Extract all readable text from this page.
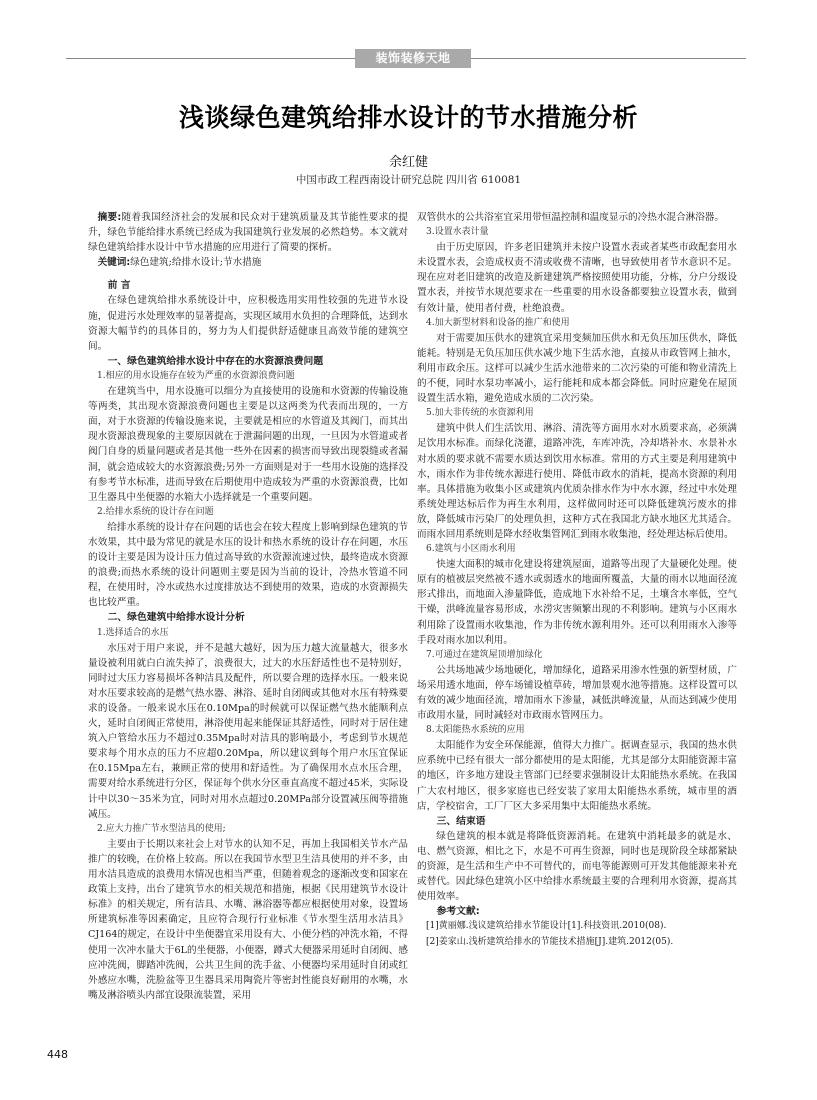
装饰装修天地
浅谈绿色建筑给排水设计的节水措施分析
余红健
中国市政工程西南设计研究总院 四川省 610081
摘要:随着我国经济社会的发展和民众对于建筑质量及其节能性要求的提升，绿色节能给排水系统已经成为我国建筑行业发展的必然趋势。本文就对绿色建筑给排水设计中节水措施的应用进行了简要的探析。
关键词:绿色建筑;给排水设计;节水措施
前 言
在绿色建筑给排水系统设计中，应积极选用实用性较强的先进节水设施，促进污水处理效率的显著提高，实现区域用水负担的合理降低，达到水资源大幅节约的具体目的，努力为人们提供舒适健康且高效节能的建筑空间。
一、绿色建筑给排水设计中存在的水资源浪费问题
1.相应的用水设施存在较为严重的水资源浪费问题
在建筑当中，用水设施可以细分为直接使用的设施和水资源的传输设施等两类，其出现水资源浪费问题也主要是以这两类为代表而出现的，一方面，对于水资源的传输设施来说，主要就是相应的水管道及其阀门，而其出现水资源浪费现象的主要原因就在于泄漏问题的出现，一旦因为水管道或者阀门自身的质量问题或者是其他一些外在因素的损害而导致出现裂缝或者漏洞，就会造成较大的水资源浪费;另外一方面则是对于一些用水设施的选择没有参考节水标准，进而导致在后期使用中造成较为严重的水资源浪费，比如卫生器具中坐便器的水箱大小选择就是一个重要问题。
2.给排水系统的设计存在问题
给排水系统的设计存在问题的话也会在较大程度上影响到绿色建筑的节水效果，其中最为常见的就是水压的设计和热水系统的设计存在问题，水压的设计主要是因为设计压力值过高导致的水资源流速过快，最终造成水资源的浪费;而热水系统的设计问题则主要是因为当前的设计，冷热水管道不同程，在使用时，冷水或热水过度排放达不到使用的效果，造成的水资源损失也比较严重。
二、绿色建筑中给排水设计分析
1.选择适合的水压
水压对于用户来说，并不是越大越好，因为压力越大流量越大，很多水量设被利用就白白流失掉了，浪费很大，过大的水压舒适性也不是特别好，同时过大压力容易损坏各种洁具及配件，所以要合理的选择水压。一般来说对水压要求较高的是燃气热水器、淋浴、延时自闭阀或其他对水压有特殊要求的设备。一般来说水压在0.10Mpa的时候就可以保证燃气热水能顺利点火，延时自闭阀正常使用，淋浴使用起来能保证其舒适性，同时对于居住建筑入户管给水压力不超过0.35Mpa时对洁具的影响最小，考虑到节水规范要求每个用水点的压力不应超0.20Mpa，所以建议到每个用户水压宜保证在0.15Mpa左右，兼顾正常的使用和舒适性。为了确保用水点水压合理，需要对给水系统进行分区，保证每个供水分区垂直高度不超过45米，实际设计中以30～35米为宜，同时对用水点超过0.20MPa部分设置减压阀等措施减压。
2.应大力推广节水型洁具的使用;
主要由于长期以来社会上对节水的认知不足，再加上我国相关节水产品推广的较晚，在价格上较高。所以在我国节水型卫生洁具使用的并不多，由用水洁具造成的浪费用水情况也相当严重，但随着观念的逐渐改变和国家在政策上支持，出台了建筑节水的相关规范和措施，根据《民用建筑节水设计标准》的相关规定，所有洁具、水嘴、淋浴器等都应根据使用对象，设置场所建筑标准等因素确定，且应符合现行行业标准《节水型生活用水洁具》CJ164的规定，在设计中坐便器宜采用设有大、小便分档的冲洗水箱，不得使用一次冲水量大于6L的坐便器，小便器，蹲式大便器采用延时自闭阀、感应冲洗阀，脚踏冲洗阀，公共卫生间的洗手盆、小便器均采用延时自闭或红外感应水嘴，洗脸盆等卫生器具采用陶瓷片等密封性能良好耐用的水嘴，水嘴及淋浴喷头内部宜设限流装置，采用
双管供水的公共浴室宜采用带恒温控制和温度显示的冷热水混合淋浴器。
3.设置水表计量
由于历史原因，许多老旧建筑并未按户设置水表或者某些市政配套用水未设置水表，会造成权责不清或收费不清晰，也导致使用者节水意识不足。现在应对老旧建筑的改造及新建建筑严格按照使用功能，分栋，分户分级设置水表，并按节水规范要求在一些重要的用水设备都要独立设置水表，做到有效计量，使用者付费，杜绝浪费。
4.加大新型材料和设备的推广和使用
对于需要加压供水的建筑宜采用变频加压供水和无负压加压供水，降低能耗。特别是无负压加压供水减少地下生活水池，直接从市政管网上抽水，利用市政余压。这样可以减少生活水池带来的二次污染的可能和物业清洗上的不便，同时水泵功率减小，运行能耗和成本都会降低。同时应避免在屋顶设置生活水箱，避免造成水质的二次污染。
5.加大非传统的水资源利用
建筑中供人们生活饮用、淋浴、清洗等方面用水对水质要求高，必须满足饮用水标准。而绿化浇灌，道路冲洗，车库冲洗，冷却塔补水、水景补水对水质的要求就不需要水质达到饮用水标准。常用的方式主要是利用建筑中水，雨水作为非传统水源进行使用、降低市政水的消耗，提高水资源的利用率。具体措施为收集小区或建筑内优质杂排水作为中水水源，经过中水处理系统处理达标后作为再生水利用，这样做同时还可以降低建筑污废水的排放，降低城市污染厂的处理负担，这种方式在我国北方缺水地区尤其适合。而雨水回用系统则是降水经收集管网汇到雨水收集池，经处理达标后使用。
6.建筑与小区雨水利用
快速大面积的城市化建设将建筑屋面，道路等出现了大量硬化处理。使原有的植被层突然被不透水或弱透水的地面所覆盖，大量的雨水以地面径流形式排出，而地面入渗量降低，造成地下水补给不足，土壤含水率低，空气干燥，洪峰流量容易形成，水涝灾害频繁出现的不利影响。建筑与小区雨水利用除了设置雨水收集池，作为非传统水源利用外。还可以利用雨水入渗等手段对雨水加以利用。
7.可通过在建筑屋顶增加绿化
公共场地减少场地硬化，增加绿化，道路采用渗水性强的新型材质，广场采用透水地面，停车场铺设植草砖，增加景观水池等措施。这样设置可以有效的减少地面径流，增加雨水下渗量，减低洪峰流量，从而达到减少使用市政用水量，同时减轻对市政雨水管网压力。
8.太阳能热水系统的应用
太阳能作为安全环保能源，值得大力推广。据调查显示，我国的热水供应系统中已经有很大一部分都使用的是太阳能，尤其是部分太阳能资源丰富的地区，许多地方建设主管部门已经要求强制设计太阳能热水系统。在我国广大农村地区，很多家庭也已经安装了家用太阳能热水系统，城市里的酒店，学校宿舍，工厂厂区大多采用集中太阳能热水系统。
三、结束语
绿色建筑的根本就是将降低资源消耗。在建筑中消耗最多的就是水、电、燃气资源，相比之下，水是不可再生资源，同时也是现阶段全球都紧缺的资源，是生活和生产中不可替代的，而电等能源则可开发其他能源来补充或替代。因此绿色建筑小区中给排水系统最主要的合理利用水资源，提高其使用效率。
参考文献:
[1]黄丽娜.浅议建筑给排水节能设计[1].科技资讯.2010(08).
[2]姜家山.浅析建筑给排水的节能技术措施[J].建筑.2012(05).
448
